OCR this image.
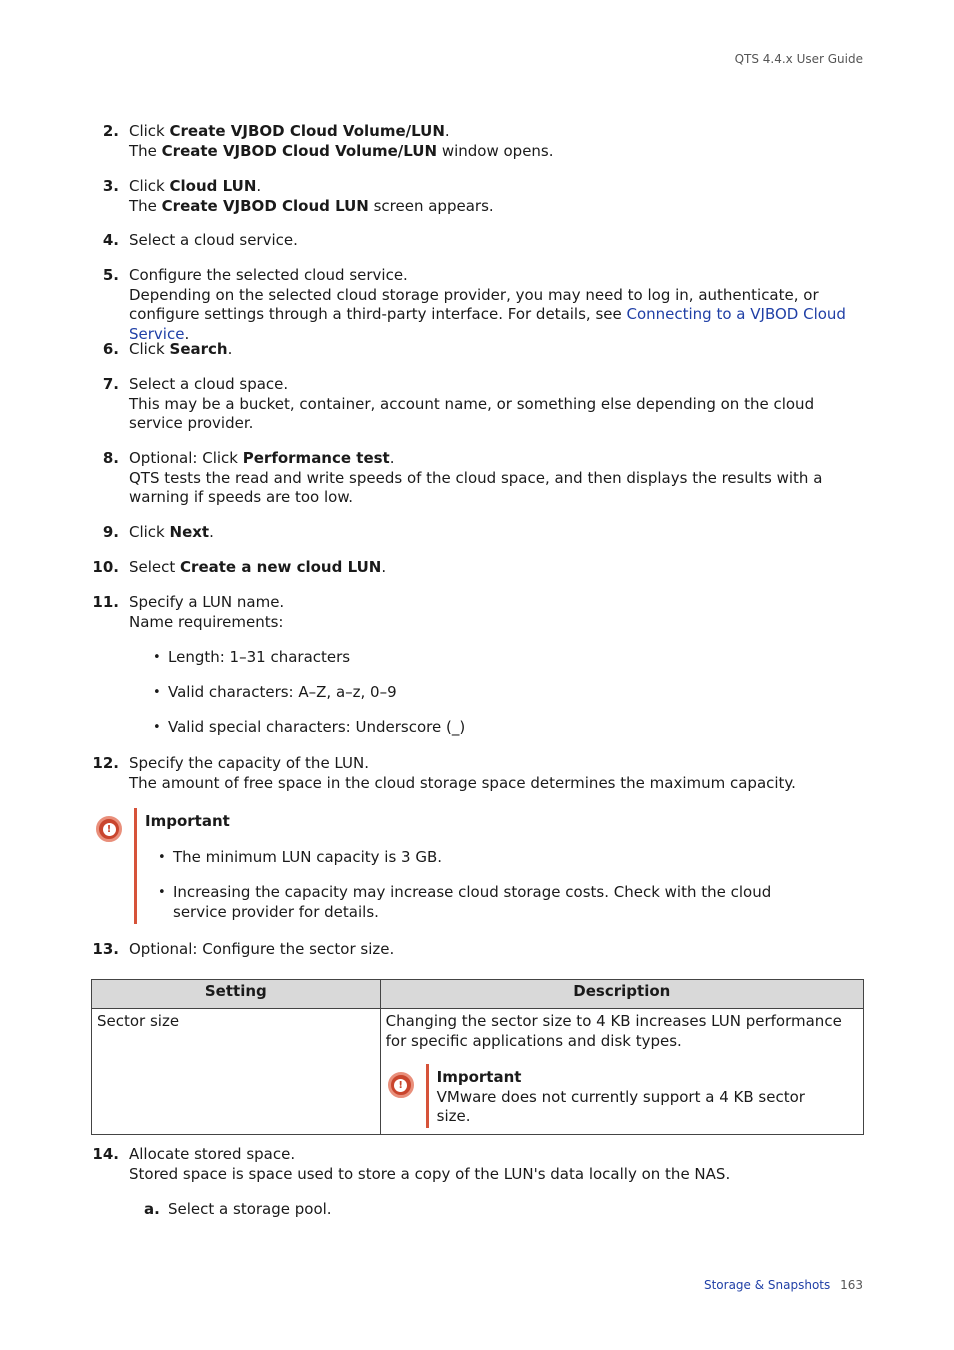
QTS 4.4.x User Guide
2. Click Create VJBOD Cloud Volume/LUN.

The Create VJBOD Cloud Volume/LUN window opens.

3. Click Cloud LUN.

The Create VJBOD Cloud LUN screen appears.

4. Select a cloud service.

5. Configure the selected cloud service.

Depending on the selected cloud storage provider, you may need to log in, authenticate, or configure settings through a third-party interface. For details, see Connecting to a VJBOD Cloud Service.

6. Click Search.

7. Select a cloud space.

This may be a bucket, container, account name, or something else depending on the cloud service provider.

8. Optional: Click Performance test.

QTS tests the read and write speeds of the cloud space, and then displays the results with a warning if speeds are too low.

9. Click Next.

10. Select Create a new cloud LUN.

11. Specify a LUN name.

Name requirements:

• Length: 1–31 characters
• Valid characters: A–Z, a–z, 0–9
• Valid special characters: Underscore (_)
12. Specify the capacity of the LUN.

The amount of free space in the cloud storage space determines the maximum capacity.

! Important
• The minimum LUN capacity is 3 GB.
• Increasing the capacity may increase cloud storage costs. Check with the cloud service provider for details.
13. Optional: Configure the sector size.

Setting	Description
Sector size	Changing the sector size to 4 KB increases LUN performance for specific applications and disk types.
! Important
VMware does not currently support a 4 KB sector size.
14. Allocate stored space.

Stored space is space used to store a copy of the LUN's data locally on the NAS.

a. Select a storage pool.
Storage & Snapshots 163
